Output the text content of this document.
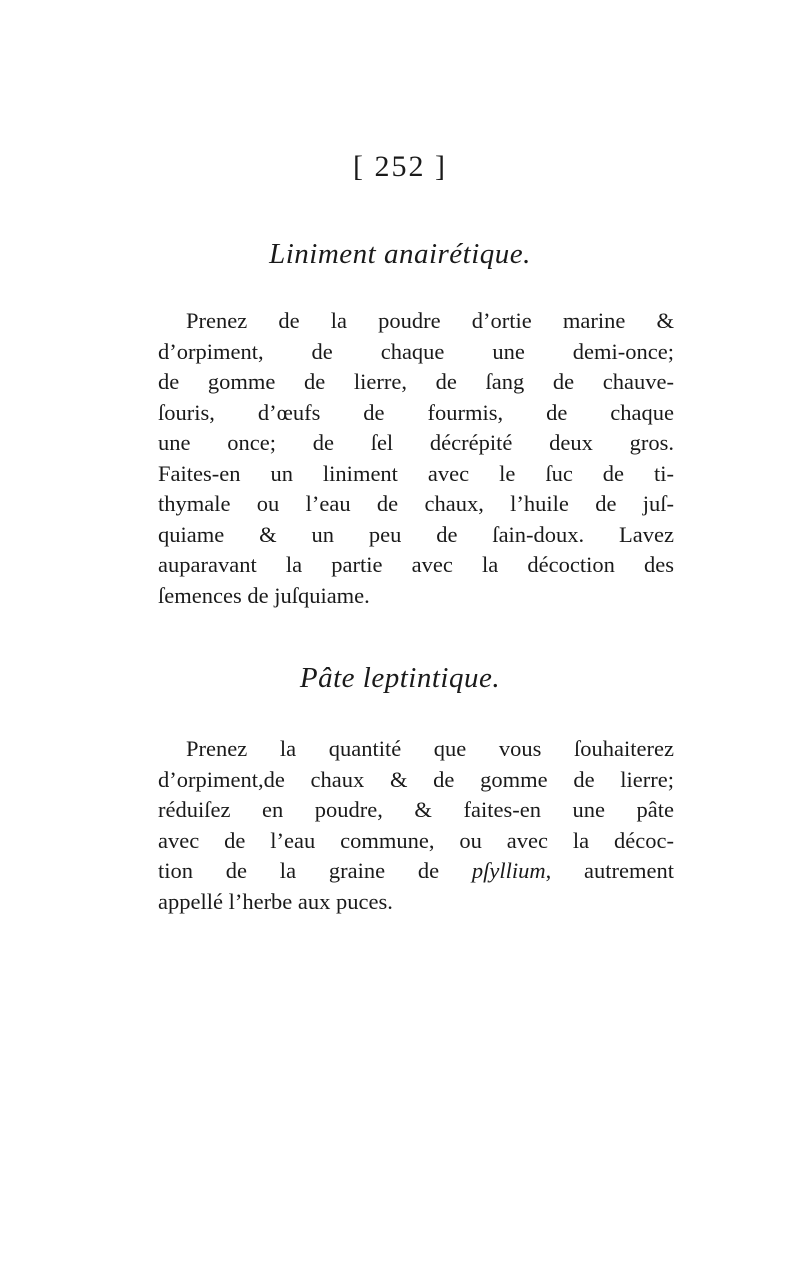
[ 252 ]
Liniment anairétique.
Prenez de la poudre d’ortie marine &
d’orpiment, de chaque une demi-once;
de gomme de lierre, de ſang de chauve-
ſouris, d’œufs de fourmis, de chaque
une once; de ſel décrépité deux gros.
Faites-en un liniment avec le ſuc de ti-
thymale ou l’eau de chaux, l’huile de juſ-
quiame & un peu de ſain-doux. Lavez
auparavant la partie avec la décoction des
ſemences de juſquiame.
Pâte leptintique.
Prenez la quantité que vous ſouhaiterez
d’orpiment,de chaux & de gomme de lierre;
réduiſez en poudre, & faites-en une pâte
avec de l’eau commune, ou avec la décoc-
tion de la graine de pſyllium, autrement
appellé l’herbe aux puces.
